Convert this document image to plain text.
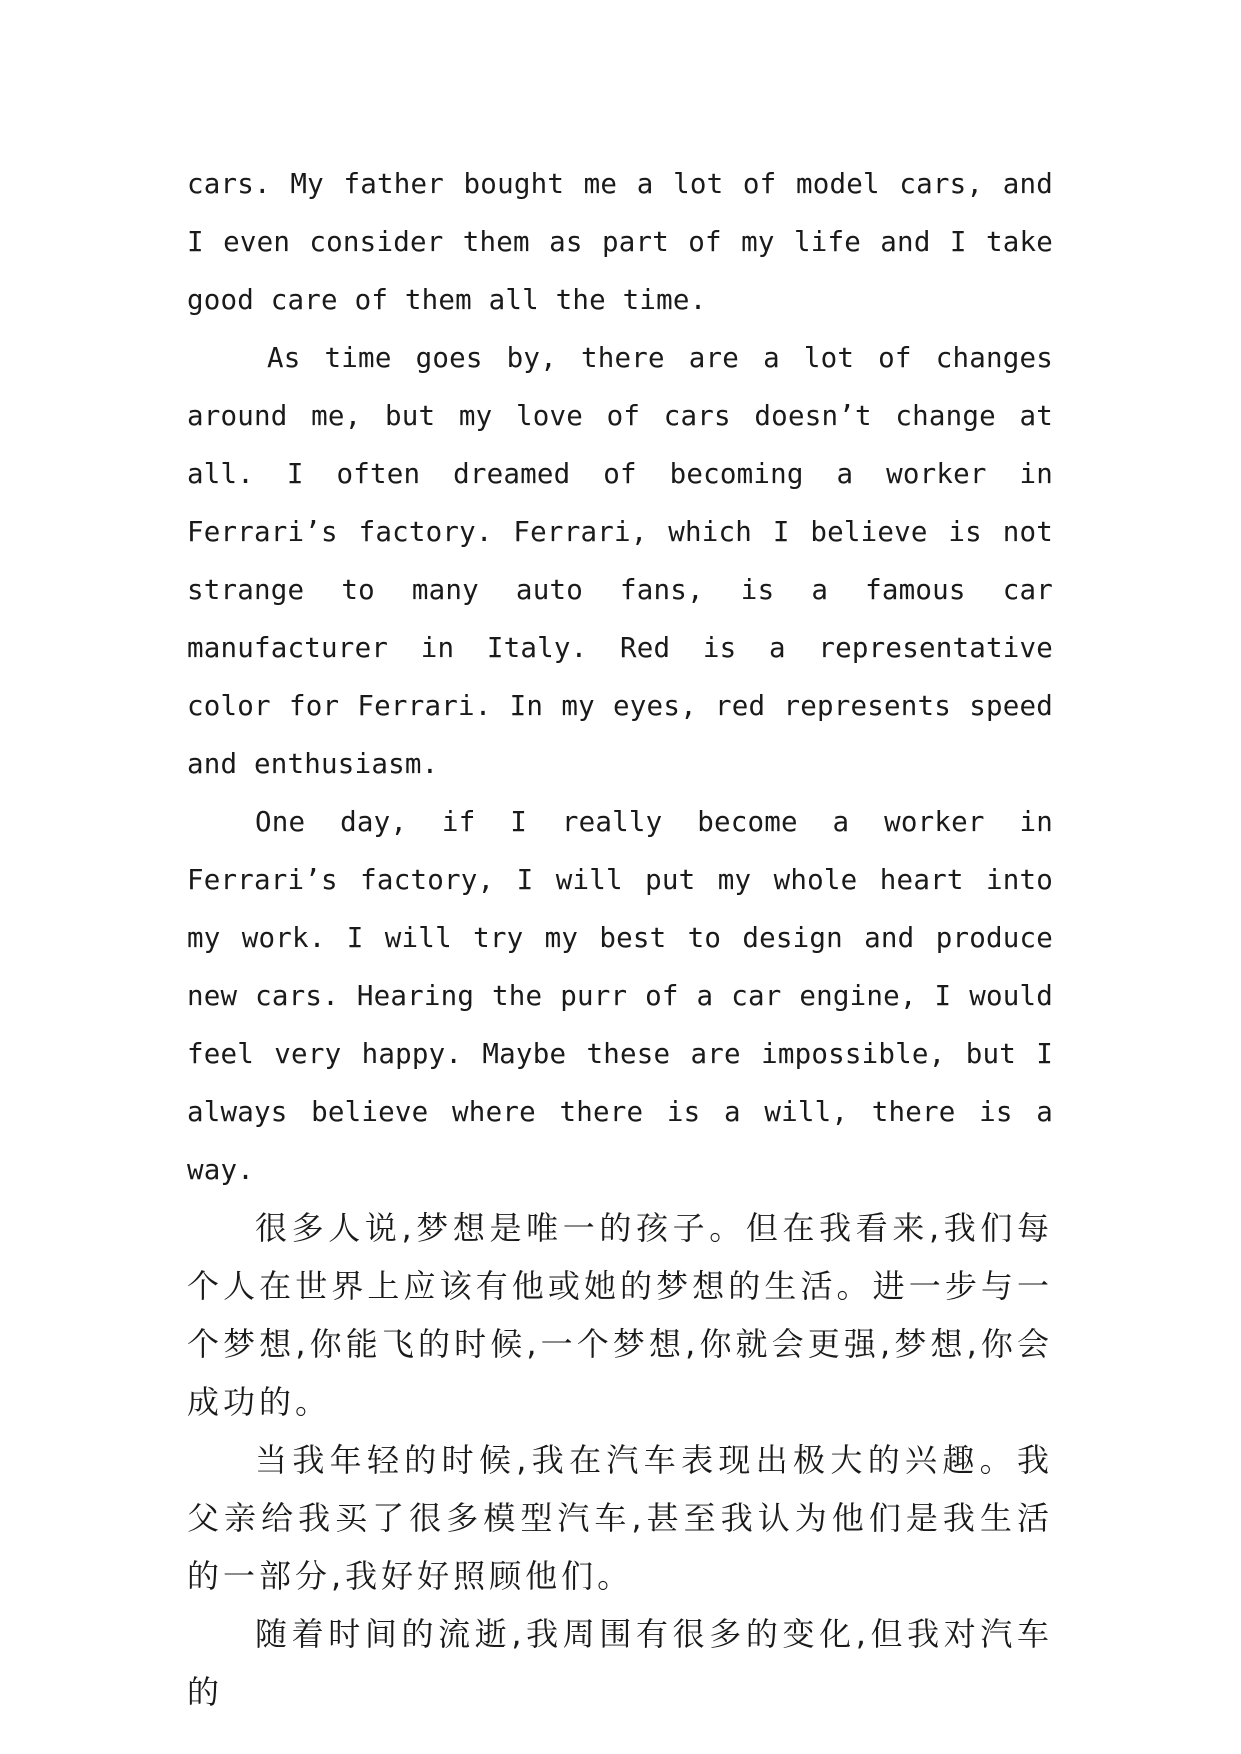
cars. My father bought me a lot of model cars, and I even consider them as part of my life and I take good care of them all the time.

As time goes by, there are a lot of changes around me, but my love of cars doesn’t change at all. I often dreamed of becoming a worker in Ferrari’s factory. Ferrari, which I believe is not strange to many auto fans, is a famous car manufacturer in Italy. Red is a representative color for Ferrari. In my eyes, red represents speed and enthusiasm.

One day, if I really become a worker in Ferrari’s factory, I will put my whole heart into my work. I will try my best to design and produce new cars. Hearing the purr of a car engine, I would feel very happy. Maybe these are impossible, but I always believe where there is a will, there is a way.

很多人说,梦想是唯一的孩子。但在我看来,我们每个人在世界上应该有他或她的梦想的生活。进一步与一个梦想,你能飞的时候,一个梦想,你就会更强,梦想,你会成功的。

当我年轻的时候,我在汽车表现出极大的兴趣。我父亲给我买了很多模型汽车,甚至我认为他们是我生活的一部分,我好好照顾他们。

随着时间的流逝,我周围有很多的变化,但我对汽车的
